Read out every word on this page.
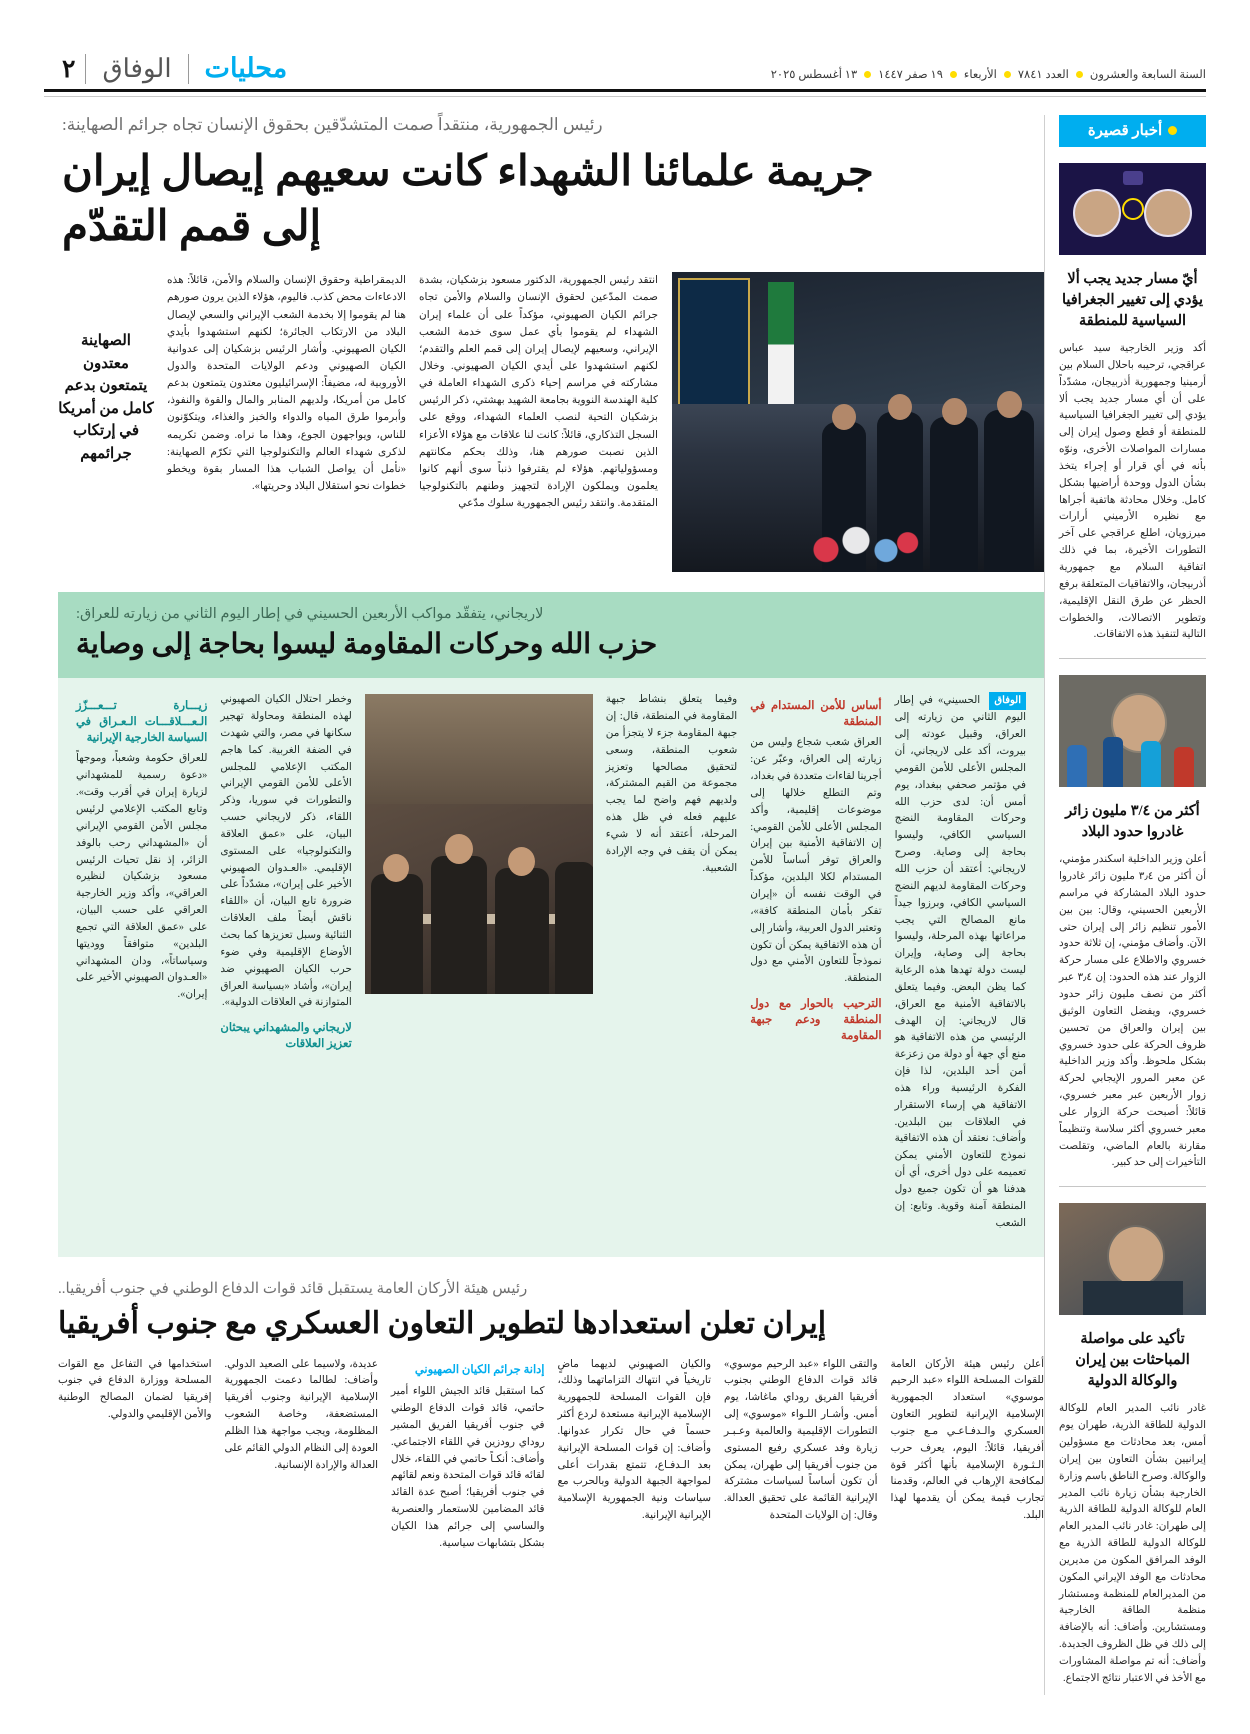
السنة السابعة والعشرون
العدد ٧٨٤١
الأربعاء
١٩ صفر ١٤٤٧
١٣ أغسطس ٢٠٢٥
محليات
الوفاق
٢
رئيس الجمهورية، منتقداً صمت المتشدّقين بحقوق الإنسان تجاه جرائم الصهاينة:
جريمة علمائنا الشهداء كانت سعيهم إيصال إيران
إلى قمم التقدّم

انتقد رئيس الجمهورية، الدكتور مسعود بزشكيان، بشدة صمت المدّعين لحقوق الإنسان والسلام والأمن تجاه جرائم الكيان الصهيوني، مؤكداً على أن علماء إيران الشهداء لم يقوموا بأي عمل سوى خدمة الشعب الإيراني، وسعيهم لإيصال إيران إلى قمم العلم والتقدم؛ لكنهم استشهدوا على أيدي الكيان الصهيوني. وخلال مشاركته في مراسم إحياء ذكرى الشهداء العاملة في كلية الهندسة النووية بجامعة الشهيد بهشتي، ذكر الرئيس بزشكيان التحية لنصب العلماء الشهداء، ووقع على السجل التذكاري، قائلاً: كانت لنا علاقات مع هؤلاء الأعزاء الذين نصبت صورهم هنا، وذلك بحكم مكانتهم ومسؤولياتهم. هؤلاء لم يقترفوا ذنباً سوى أنهم كانوا يعلمون ويملكون الإرادة لتجهيز وطنهم بالتكنولوجيا المتقدمة. وانتقد رئيس الجمهورية سلوك مدّعي

الديمقراطية وحقوق الإنسان والسلام والأمن، قائلاً: هذه الادعاءات محض كذب. فاليوم، هؤلاء الذين يرون صورهم هنا لم يقوموا إلا بخدمة الشعب الإيراني والسعي لإيصال البلاد من الارتكاب الجائرة؛ لكنهم استشهدوا بأيدي الكيان الصهيوني. وأشار الرئيس بزشكيان إلى عدوانية الكيان الصهيوني ودعم الولايات المتحدة والدول الأوروبية له، مضيفاً: الإسرائيليون معتدون يتمتعون بدعم كامل من أمريكا، ولديهم المنابر والمال والقوة والنفوذ، وأبرموا طرق المياه والدواء والخبز والغذاء، ويتكوّنون للناس، ويواجهون الجوع، وهذا ما نراه. وضمن تكريمه لذكرى شهداء العالم والتكنولوجيا التي تكرّم الصهاينة: «نأمل أن يواصل الشباب هذا المسار بقوة ويخطو خطوات نحو استقلال البلاد وحريتها».

الصهاينة معتدون يتمتعون بدعم كامل من أمريكا في إرتكاب جرائمهم
لاريجاني، يتفقّد مواكب الأربعين الحسيني في إطار اليوم الثاني من زيارته للعراق:
حزب الله وحركات المقاومة ليسوا بحاجة إلى وصاية

الوفاق الحسيني» في إطار اليوم الثاني من زيارته إلى العراق، وقبيل عودته إلى بيروت، أكد على لاريجاني، أن المجلس الأعلى للأمن القومي في مؤتمر صحفي ببغداد، يوم أمس أن: لدى حزب الله وحركات المقاومة النضج السياسي الكافي، وليسوا بحاجة إلى وصاية. وصرح لاريجاني: أعتقد أن حزب الله وحركات المقاومة لديهم النضج السياسي الكافي، وبرزوا جيداً مانع المصالح التي يجب مراعاتها بهذه المرحلة، وليسوا بحاجة إلى وصاية، وإيران ليست دولة تهدها هذه الرعاية كما يظن البعض. وفيما يتعلق بالاتفاقية الأمنية مع العراق، قال لاريجاني: إن الهدف الرئيسي من هذه الاتفاقية هو منع أي جهة أو دولة من زعزعة أمن أحد البلدين، لذا فإن الفكرة الرئيسية وراء هذه الاتفاقية هي إرساء الاستقرار في العلاقات بين البلدين. وأضاف: نعتقد أن هذه الاتفاقية نموذج للتعاون الأمني يمكن تعميمه على دول أخرى، أي أن هدفنا هو أن تكون جميع دول المنطقة آمنة وقوية. وتابع: إن الشعب

أساس للأمن المستدام في المنطقة

العراق شعب شجاع وليس من زيارته إلى العراق، وعبّر عن: أجرينا لقاءات متعددة في بغداد، وتم التطلع خلالها إلى موضوعات إقليمية، وأكد المجلس الأعلى للأمن القومي: إن الاتفاقية الأمنية بين إيران والعراق توفر أساساً للأمن المستدام لكلا البلدين، مؤكداً في الوقت نفسه أن «إيران تفكر بأمان المنطقة كافة»، وتعتبر الدول العربية، وأشار إلى أن هذه الاتفاقية يمكن أن تكون نموذجاً للتعاون الأمني مع دول المنطقة.

الترحيب بالحوار مع دول المنطقة ودعم جبهة المقاومة

وفيما يتعلق بنشاط جبهة المقاومة في المنطقة، قال: إن جبهة المقاومة جزء لا يتجزأ من شعوب المنطقة، وسعى لتحقيق مصالحها وتعزيز مجموعة من القيم المشتركة، ولديهم فهم واضح لما يجب عليهم فعله في ظل هذه المرحلة، أعتقد أنه لا شيء يمكن أن يقف في وجه الإرادة الشعبية.

وخطر احتلال الكيان الصهيوني لهذه المنطقة ومحاولة تهجير سكانها في مصر، والتي شهدت في الضفة الغربية. كما هاجم المكتب الإعلامي للمجلس الأعلى للأمن القومي الإيراني والتطورات في سوريا، وذكر اللقاء، ذكر لاريجاني حسب البيان، على «عمق العلاقة والتكنولوجيا» على المستوى الإقليمي. «العـدوان الصهيوني الأخير على إيران»، مشدّداً على ضرورة تابع البيان، أن «اللقاء ناقش أيضاً ملف العلاقات الثنائية وسبل تعزيزها كما بحث الأوضاع الإقليمية وفي ضوء حرب الكيان الصهيوني ضد إيران»، وأشاد «بسياسة العراق المتوازنة في العلاقات الدولية».

لاريجاني والمشهداني يبحثان تعزيز العلاقات
زيـــارة تـــعـــزّز الـعـــلاقـــات الـعـراق في السياسة الخارجية الإيرانية

للعراق حكومة وشعباً، وموجهاً «دعوة رسمية للمشهداني لزيارة إيران في أقرب وقت». وتابع المكتب الإعلامي لرئيس مجلس الأمن القومي الإيراني أن «المشهداني رحب بالوفد الزائر، إذ نقل تحيات الرئيس مسعود بزشكيان لنظيره العراقي»، وأكد وزير الخارجية العراقي على حسب البيان، على «عمق العلاقة التي تجمع البلدين» متوافقاً ووديتها وسياساتاً»، ودان المشهداني «العـدوان الصهيوني الأخير على إيران».

رئيس هيئة الأركان العامة يستقبل قائد قوات الدفاع الوطني في جنوب أفريقيا..
إيران تعلن استعدادها لتطوير التعاون العسكري مع جنوب أفريقيا

أعلن رئيس هيئة الأركان العامة للقوات المسلحة اللواء «عبد الرحيم موسوي» استعداد الجمهورية الإسلامية الإيرانية لتطوير التعاون العسكري والـدفـاعـي مـع جنوب أفريقيا، قائلاً: اليوم، يعرف حرب الـثـورة الإسلامية بأنها أكثر قوة لمكافحة الإرهاب في العالم، وقدمنا تجارب قيمة يمكن أن يقدمها لهذا البلد.

والتقى اللواء «عبد الرحيم موسوي» قائد قوات الدفاع الوطني بجنوب أفريقيا الفريق روداي ماغاشا، يوم أمس. وأشـار اللـواء «موسوي» إلى التطورات الإقليمية والعالمية وعـبـر زيارة وفد عسكري رفيع المستوى من جنوب أفريقيا إلى طهران، يمكن أن تكون أساساً لسياسات مشتركة الإيرانية القائمة على تحقيق العدالة. وقال: إن الولايات المتحدة

والكيان الصهيوني لديهما ماضٍ تاريخياً في انتهاك التزاماتهما وذلك، فإن القوات المسلحة للجمهورية الإسلامية الإيرانية مستعدة لردع أكثر حسماً في حال تكرار عدوانها. وأضاف: إن قوات المسلحة الإيرانية بعد الـدفـاع، تتمتع بقدرات أعلى لمواجهة الجبهة الدولية وبالحرب مع سياسات ونية الجمهورية الإسلامية الإيرانية الإيرانية.

إدانة جرائم الكيان الصهيوني

كما استقبل قائد الجيش اللواء أمير حاتمي، قائد قوات الدفاع الوطني في جنوب أفريقيا الفريق المشير روداي رودزين في اللقاء الاجتماعي. وأضاف: أنكـاً حاتمي في اللقاء، خلال لقائه قائد قوات المتحدة ونعم لقائهم في جنوب أفريقيا؛ أصبح عدة القائد قائد المضامين للاستعمار والعنصرية والساسي إلى جرائم هذا الكيان بشكل بتشابهات سياسية.

عديدة، ولاسيما على الصعيد الدولي. وأضاف: لطالما دعمت الجمهورية الإسلامية الإيرانية وجنوب أفريقيا المستضعفة، وخاصة الشعوب المظلومة، ويجب مواجهة هذا الظلم العودة إلى النظام الدولي القائم على العدالة والإرادة الإنسانية.

استخدامها في التفاعل مع القوات المسلحة ووزارة الدفاع في جنوب إفريقيا لضمان المصالح الوطنية والأمن الإقليمي والدولي.

أخبار قصيرة
أيّ مسار جديد يجب ألا يؤدي إلى تغيير الجغرافيا السياسية للمنطقة

أكد وزير الخارجية سيد عباس عراقجي، ترحيبه باحلال السلام بين أرمينيا وجمهورية أذربيجان، مشدّداً على أن أي مسار جديد يجب ألا يؤدي إلى تغيير الجغرافيا السياسية للمنطقة أو قطع وصول إيران إلى مسارات المواصلات الأخرى، ونوّه بأنه في أي قرار أو إجراء يتخذ بشأن الدول ووحدة أراضيها بشكل كامل. وخلال محادثة هاتفية أجراها مع نظيره الأرميني أرارات ميرزويان، اطلع عراقجي على آخر التطورات الأخيرة، بما في ذلك اتفاقية السلام مع جمهورية أذربيجان، والاتفاقيات المتعلقة برفع الحظر عن طرق النقل الإقليمية، وتطوير الاتصالات، والخطوات التالية لتنفيذ هذه الاتفاقات.

أكثر من ٣/٤ مليون زائر غادروا حدود البلاد

أعلن وزير الداخلية اسكندر مؤمني، أن أكثر من ٣٫٤ مليون زائر غادروا حدود البلاد المشاركة في مراسم الأربعين الحسيني، وقال: بين بين الأمور تنظيم زائر إلى إيران حتى الآن. وأضاف مؤمني، إن ثلاثة حدود خسروي والاطلاع على مسار حركة الزوار عند هذه الحدود: إن ٣٫٤ عبر أكثر من نصف مليون زائر حدود خسروي، ويفضل التعاون الوثيق بين إيران والعراق من تحسين ظروف الحركة على حدود خسروي بشكل ملحوظ. وأكد وزير الداخلية عن معبر المرور الإيجابي لحركة زوار الأربعين عبر معبر خسروي، قائلاً: أصبحت حركة الزوار على معبر خسروي أكثر سلاسة وتنظيماً مقارنة بالعام الماضي، وتقلصت التأخيرات إلى حد كبير.

تأكيد على مواصلة المباحثات بين إيران والوكالة الدولية

غادر نائب المدير العام للوكالة الدولية للطاقة الذرية، طهران يوم أمس، بعد محادثات مع مسؤولين إيرانيين بشأن التعاون بين إيران والوكالة. وصرح الناطق باسم وزارة الخارجية بشأن زيارة نائب المدير العام للوكالة الدولية للطاقة الذرية إلى طهران: غادر نائب المدير العام للوكالة الدولية للطاقة الذرية مع الوفد المرافق المكون من مديرين محادثات مع الوفد الإيراني المكون من المديرالعام للمنظمة ومستشار منظمة الطاقة الخارجية ومستشارين. وأضاف: أنه بالإضافة إلى ذلك في ظل الظروف الجديدة. وأضاف: أنه تم مواصلة المشاورات مع الأخذ في الاعتبار نتائج الاجتماع.
